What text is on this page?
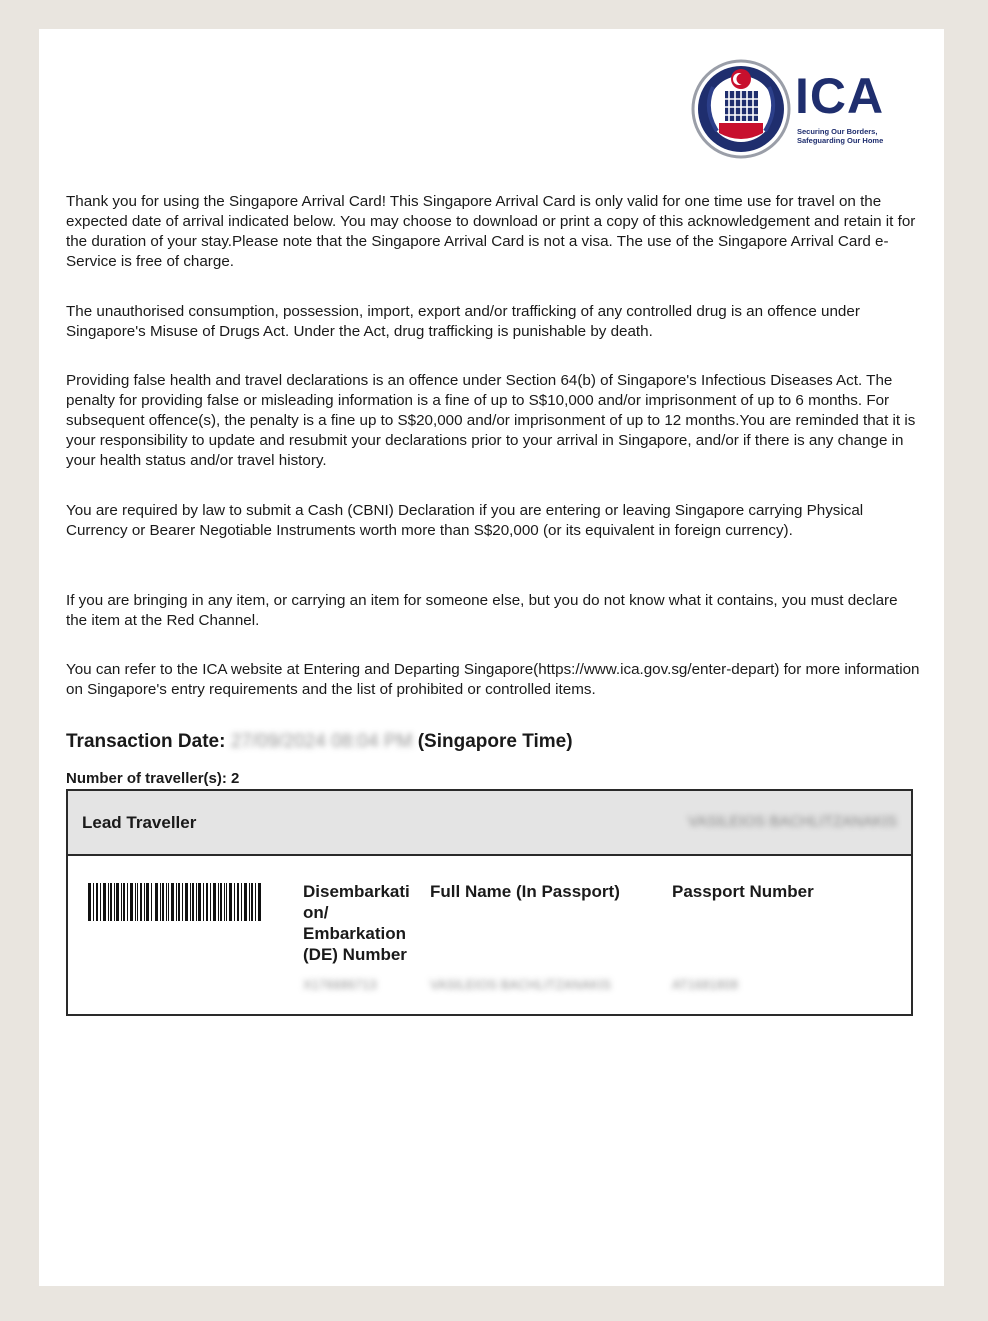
ICA
Securing Our Borders,
Safeguarding Our Home

Thank you for using the Singapore Arrival Card! This Singapore Arrival Card is only valid for one time use for travel on the expected date of arrival indicated below. You may choose to download or print a copy of this acknowledgement and retain it for the duration of your stay.Please note that the Singapore Arrival Card is not a visa. The use of the Singapore Arrival Card e-Service is free of charge.

The unauthorised consumption, possession, import, export and/or trafficking of any controlled drug is an offence under Singapore's Misuse of Drugs Act. Under the Act, drug trafficking is punishable by death.

Providing false health and travel declarations is an offence under Section 64(b) of Singapore's Infectious Diseases Act. The penalty for providing false or misleading information is a fine of up to S$10,000 and/or imprisonment of up to 6 months. For subsequent offence(s), the penalty is a fine up to S$20,000 and/or imprisonment of up to 12 months.You are reminded that it is your responsibility to update and resubmit your declarations prior to your arrival in Singapore, and/or if there is any change in your health status and/or travel history.

You are required by law to submit a Cash (CBNI) Declaration if you are entering or leaving Singapore carrying Physical Currency or Bearer Negotiable Instruments worth more than S$20,000 (or its equivalent in foreign currency).

If you are bringing in any item, or carrying an item for someone else, but you do not know what it contains, you must declare the item at the Red Channel.

You can refer to the ICA website at Entering and Departing Singapore(https://www.ica.gov.sg/enter-depart) for more information on Singapore's entry requirements and the list of prohibited or controlled items.

Transaction Date: 27/09/2024 08:04 PM (Singapore Time)
Number of traveller(s): 2
Lead Traveller	VASILEIOS BACHLITZANAKIS
Disembarkati
on/
Embarkation
(DE) Number
Full Name (In Passport)	Passport Number
X176686713	VASILEIOS BACHLITZANAKIS	AT1681808
